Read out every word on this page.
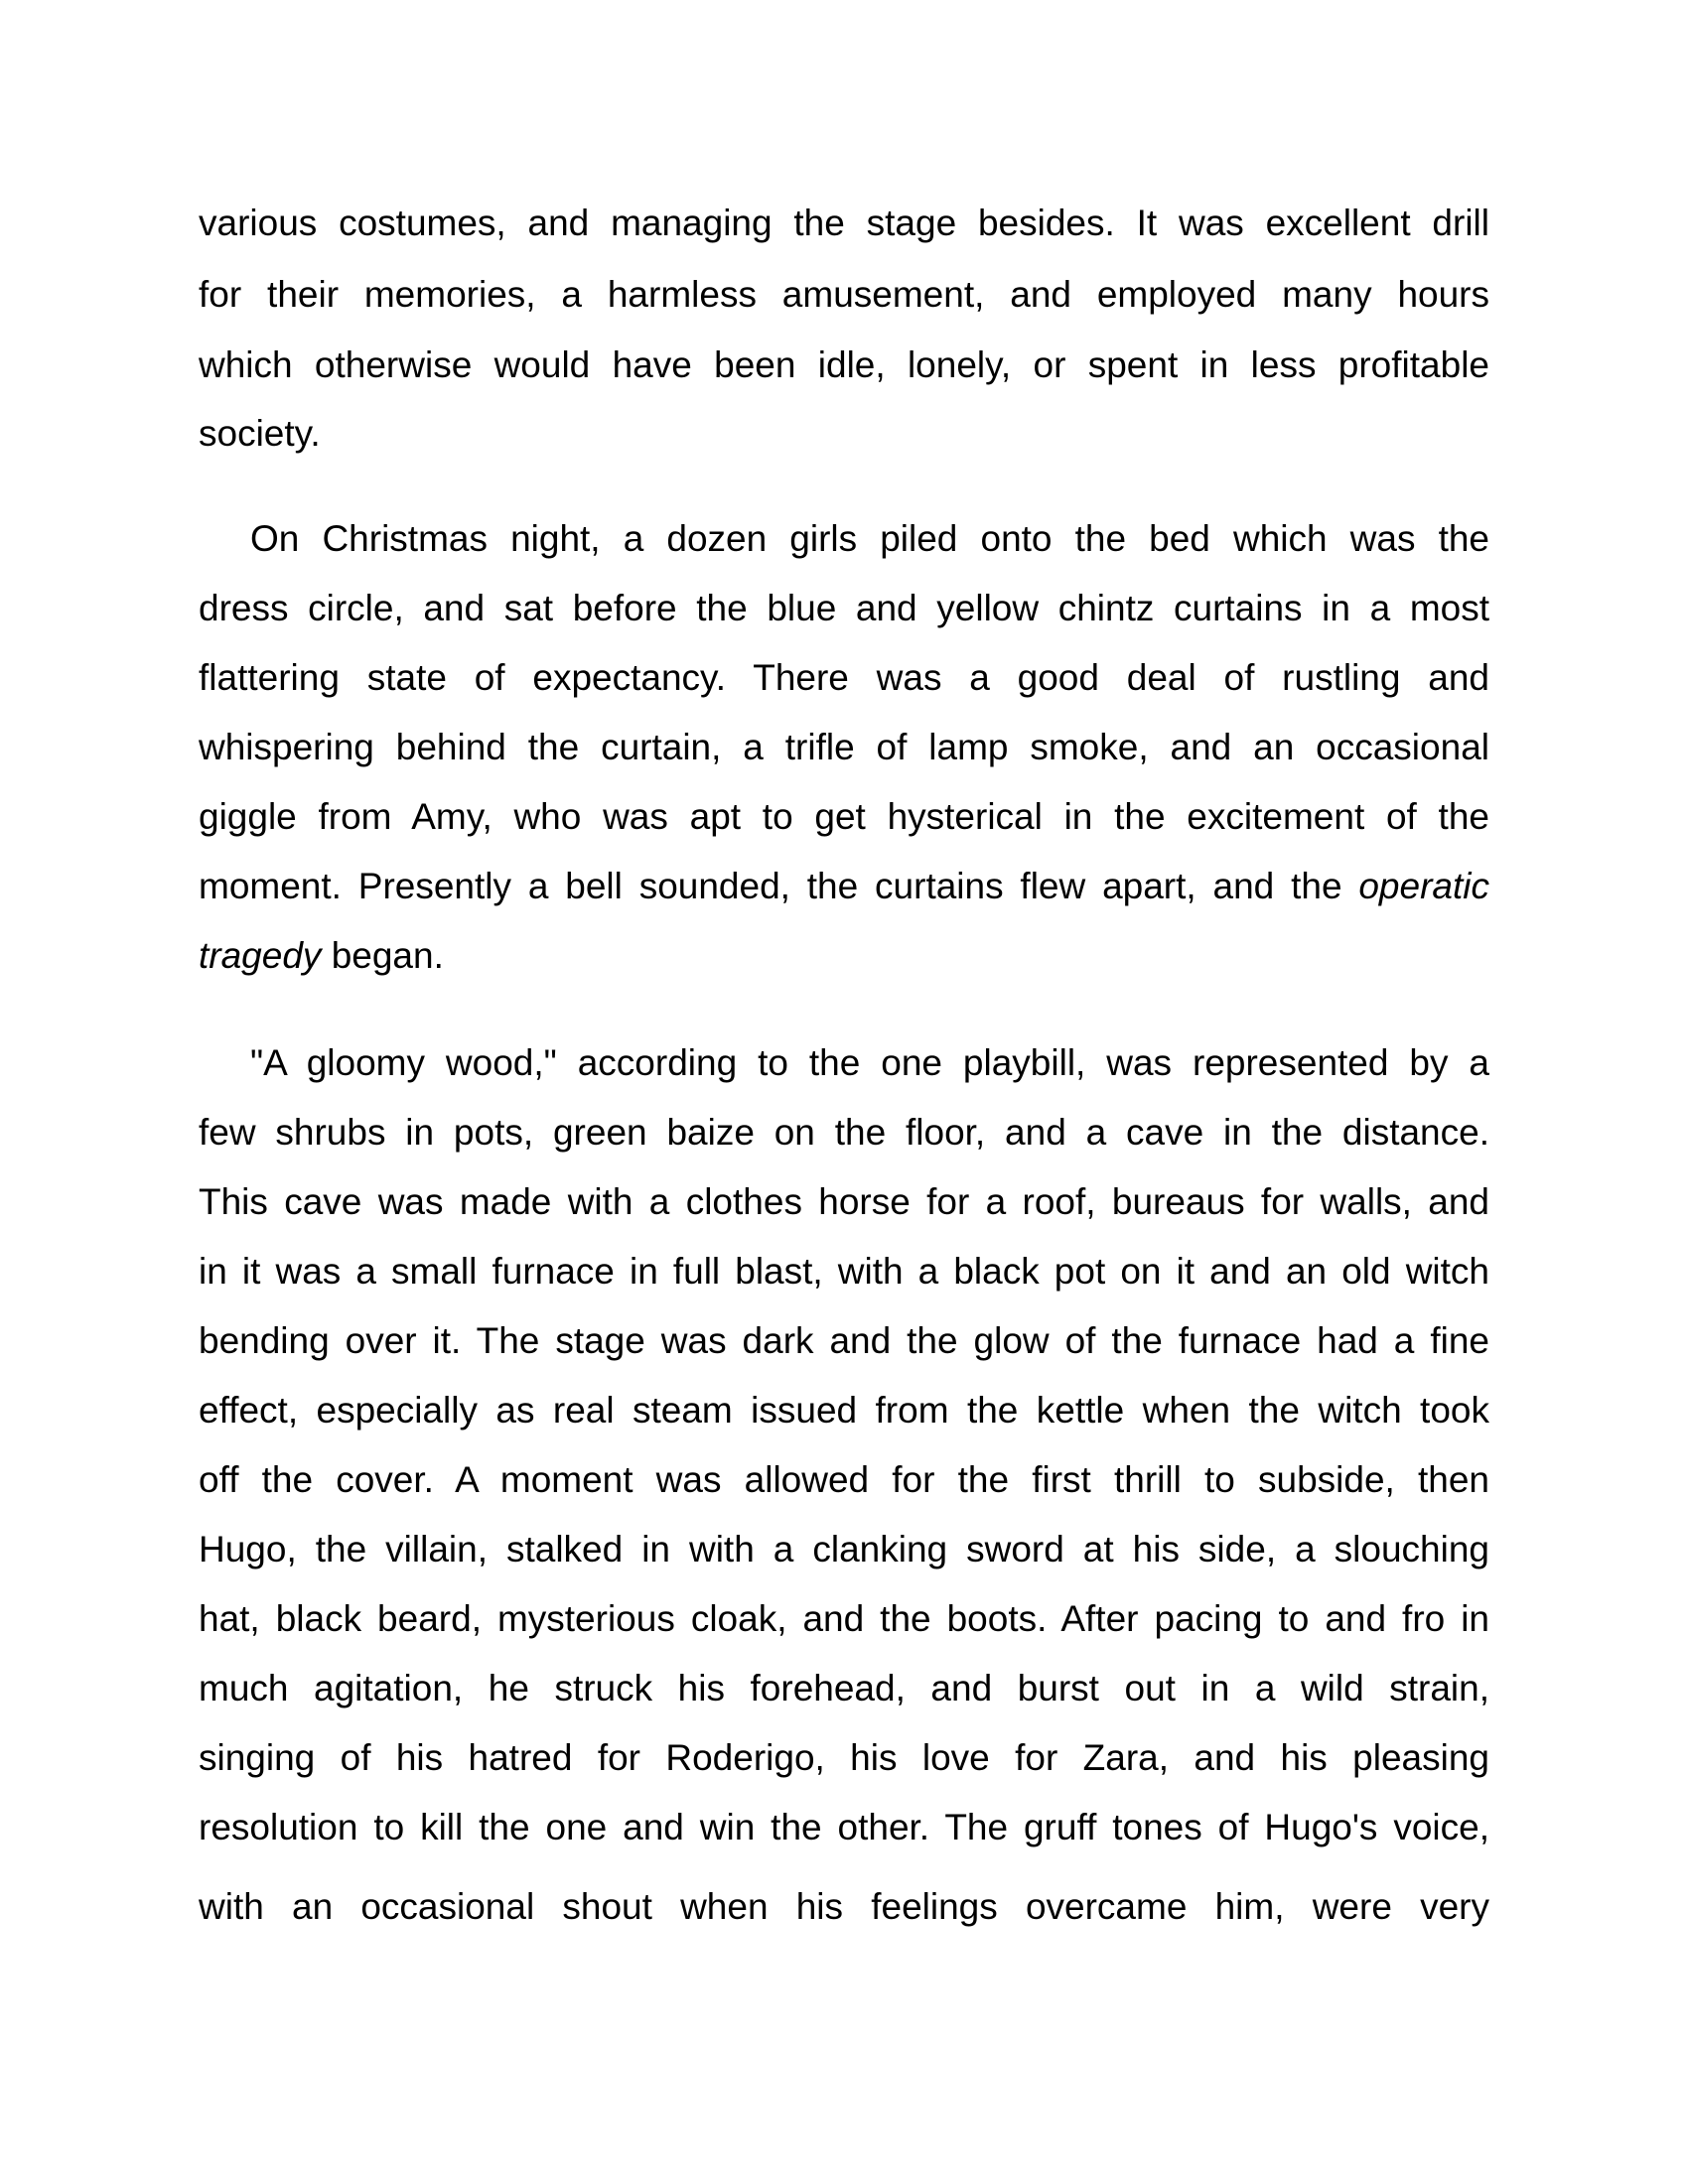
various costumes, and managing the stage besides. It was excellent drill
for their memories, a harmless amusement, and employed many hours
which otherwise would have been idle, lonely, or spent in less profitable
society.
On Christmas night, a dozen girls piled onto the bed which was the
dress circle, and sat before the blue and yellow chintz curtains in a most
flattering state of expectancy. There was a good deal of rustling and
whispering behind the curtain, a trifle of lamp smoke, and an occasional
giggle from Amy, who was apt to get hysterical in the excitement of the
moment. Presently a bell sounded, the curtains flew apart, and the operatic
tragedy began.
"A gloomy wood," according to the one playbill, was represented by a
few shrubs in pots, green baize on the floor, and a cave in the distance.
This cave was made with a clothes horse for a roof, bureaus for walls, and
in it was a small furnace in full blast, with a black pot on it and an old witch
bending over it. The stage was dark and the glow of the furnace had a fine
effect, especially as real steam issued from the kettle when the witch took
off the cover. A moment was allowed for the first thrill to subside, then
Hugo, the villain, stalked in with a clanking sword at his side, a slouching
hat, black beard, mysterious cloak, and the boots. After pacing to and fro in
much agitation, he struck his forehead, and burst out in a wild strain,
singing of his hatred for Roderigo, his love for Zara, and his pleasing
resolution to kill the one and win the other. The gruff tones of Hugo's voice,
with an occasional shout when his feelings overcame him, were very
